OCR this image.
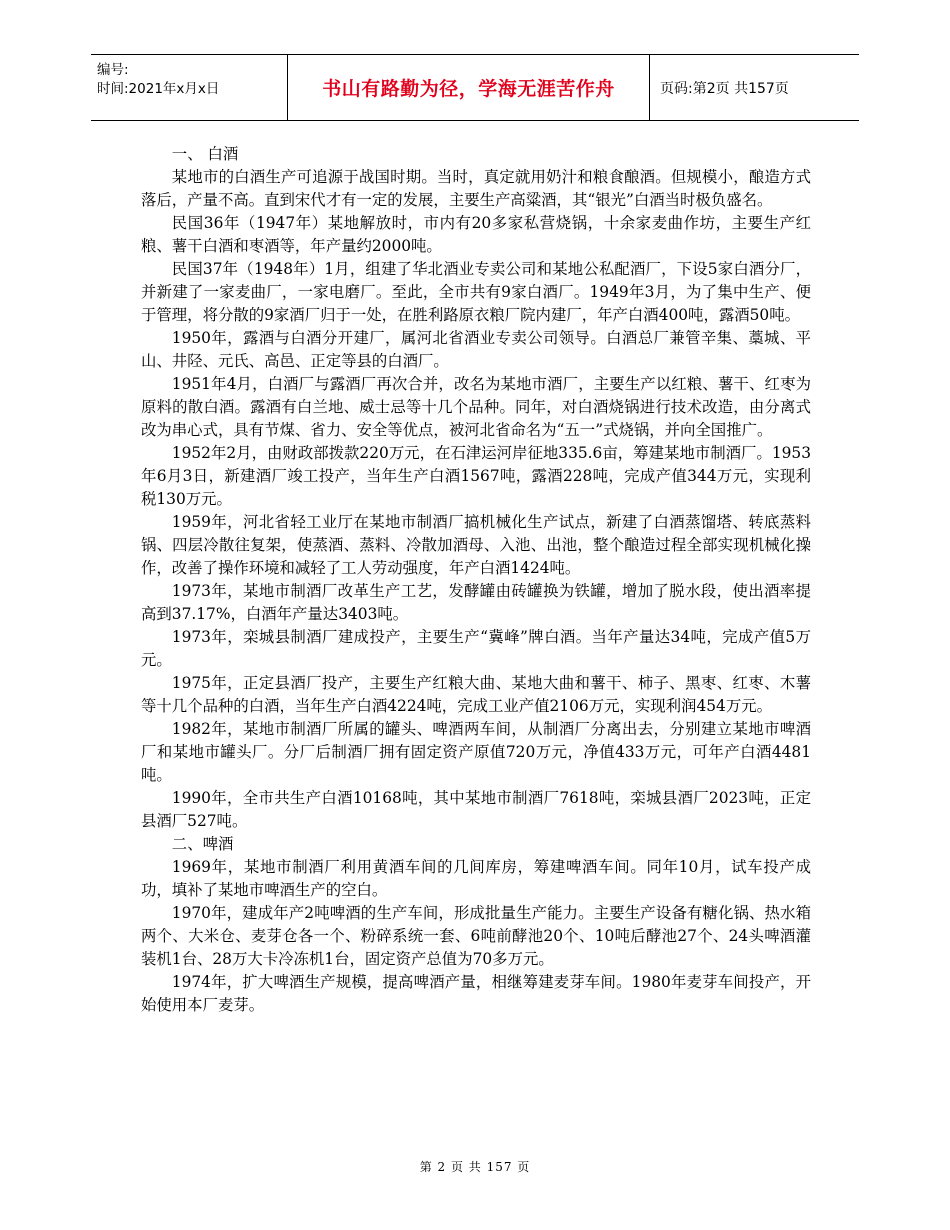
编号:
时间:2021年x月x日	书山有路勤为径，学海无涯苦作舟	页码:第2页 共157页

一、 白酒

某地市的白酒生产可追源于战国时期。当时，真定就用奶汁和粮食酿酒。但规模小，酿造方式落后，产量不高。直到宋代才有一定的发展，主要生产高粱酒，其“银光”白酒当时极负盛名。

民国36年（1947年）某地解放时，市内有20多家私营烧锅，十余家麦曲作坊，主要生产红粮、薯干白酒和枣酒等，年产量约2000吨。

民国37年（1948年）1月，组建了华北酒业专卖公司和某地公私配酒厂，下设5家白酒分厂，并新建了一家麦曲厂，一家电磨厂。至此，全市共有9家白酒厂。1949年3月，为了集中生产、便于管理，将分散的9家酒厂归于一处，在胜利路原衣粮厂院内建厂，年产白酒400吨，露酒50吨。

1950年，露酒与白酒分开建厂，属河北省酒业专卖公司领导。白酒总厂兼管辛集、藁城、平山、井陉、元氏、高邑、正定等县的白酒厂。

1951年4月，白酒厂与露酒厂再次合并，改名为某地市酒厂，主要生产以红粮、薯干、红枣为原料的散白酒。露酒有白兰地、威士忌等十几个品种。同年，对白酒烧锅进行技术改造，由分离式改为串心式，具有节煤、省力、安全等优点，被河北省命名为“五一”式烧锅，并向全国推广。

1952年2月，由财政部拨款220万元，在石津运河岸征地335.6亩，筹建某地市制酒厂。1953年6月3日，新建酒厂竣工投产，当年生产白酒1567吨，露酒228吨，完成产值344万元，实现利税130万元。

1959年，河北省轻工业厅在某地市制酒厂搞机械化生产试点，新建了白酒蒸馏塔、转底蒸料锅、四层冷散往复架，使蒸酒、蒸料、冷散加酒母、入池、出池，整个酿造过程全部实现机械化操作，改善了操作环境和减轻了工人劳动强度，年产白酒1424吨。

1973年，某地市制酒厂改革生产工艺，发酵罐由砖罐换为铁罐，增加了脱水段，使出酒率提高到37.17%，白酒年产量达3403吨。

1973年，栾城县制酒厂建成投产，主要生产“冀峰”牌白酒。当年产量达34吨，完成产值5万元。

1975年，正定县酒厂投产，主要生产红粮大曲、某地大曲和薯干、柿子、黑枣、红枣、木薯等十几个品种的白酒，当年生产白酒4224吨，完成工业产值2106万元，实现利润454万元。

1982年，某地市制酒厂所属的罐头、啤酒两车间，从制酒厂分离出去，分别建立某地市啤酒厂和某地市罐头厂。分厂后制酒厂拥有固定资产原值720万元，净值433万元，可年产白酒4481吨。

1990年，全市共生产白酒10168吨，其中某地市制酒厂7618吨，栾城县酒厂2023吨，正定县酒厂527吨。

二、啤酒

1969年，某地市制酒厂利用黄酒车间的几间库房，筹建啤酒车间。同年10月，试车投产成功，填补了某地市啤酒生产的空白。

1970年，建成年产2吨啤酒的生产车间，形成批量生产能力。主要生产设备有糖化锅、热水箱两个、大米仓、麦芽仓各一个、粉碎系统一套、6吨前酵池20个、10吨后酵池27个、24头啤酒灌装机1台、28万大卡冷冻机1台，固定资产总值为70多万元。

1974年，扩大啤酒生产规模，提高啤酒产量，相继筹建麦芽车间。1980年麦芽车间投产，开始使用本厂麦芽。

第 2 页 共 157 页
